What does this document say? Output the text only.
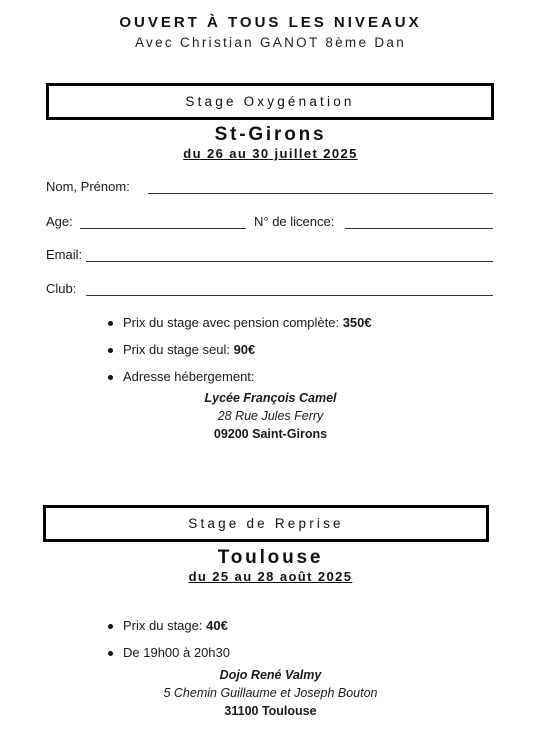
OUVERT À TOUS LES NIVEAUX
Avec Christian GANOT 8ème Dan
Stage Oxygénation
St-Girons
du 26 au 30 juillet 2025
Nom, Prénom:
Age:	N° de licence:
Email:
Club:
Prix du stage avec pension complète: 350€
Prix du stage seul: 90€
Adresse hébergement:
Lycée François Camel
28 Rue Jules Ferry
09200 Saint-Girons
Stage de Reprise
Toulouse
du 25 au 28 août 2025
Prix du stage: 40€
De 19h00 à 20h30
Dojo René Valmy
5 Chemin Guillaume et Joseph Bouton
31100 Toulouse
